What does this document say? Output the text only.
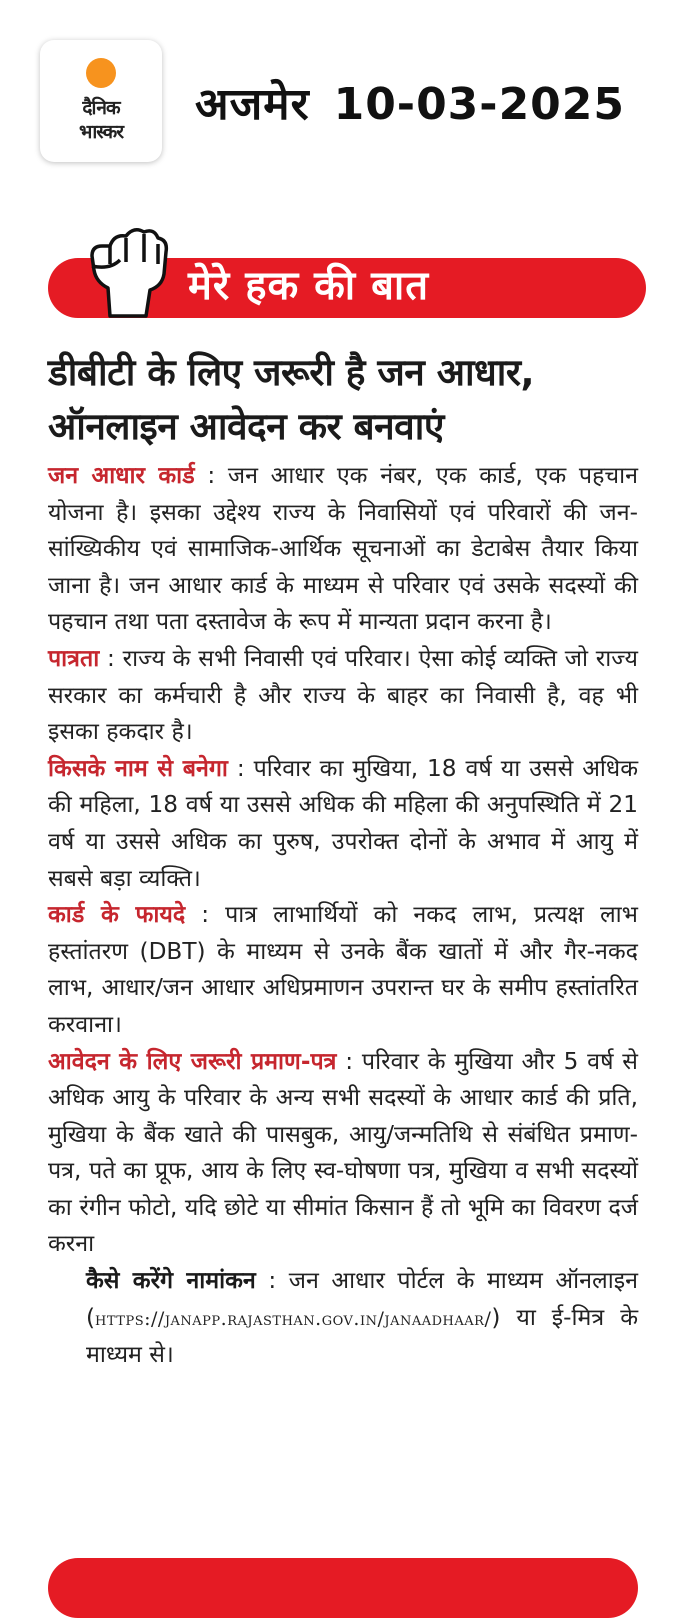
दैनिक
भास्कर
अजमेर 10-03-2025
मेरे हक की बात
डीबीटी के लिए जरूरी है जन आधार,
ऑनलाइन आवेदन कर बनवाएं

जन आधार कार्ड : जन आधार एक नंबर, एक कार्ड, एक पहचान योजना है। इसका उद्देश्य राज्य के निवासियों एवं परिवारों की जन-सांख्यिकीय एवं सामाजिक-आर्थिक सूचनाओं का डेटाबेस तैयार किया जाना है। जन आधार कार्ड के माध्यम से परिवार एवं उसके सदस्यों की पहचान तथा पता दस्तावेज के रूप में मान्यता प्रदान करना है।

पात्रता : राज्य के सभी निवासी एवं परिवार। ऐसा कोई व्यक्ति जो राज्य सरकार का कर्मचारी है और राज्य के बाहर का निवासी है, वह भी इसका हकदार है।

किसके नाम से बनेगा : परिवार का मुखिया, 18 वर्ष या उससे अधिक की महिला, 18 वर्ष या उससे अधिक की महिला की अनुपस्थिति में 21 वर्ष या उससे अधिक का पुरुष, उपरोक्त दोनों के अभाव में आयु में सबसे बड़ा व्यक्ति।

कार्ड के फायदे : पात्र लाभार्थियों को नकद लाभ, प्रत्यक्ष लाभ हस्तांतरण (DBT) के माध्यम से उनके बैंक खातों में और गैर-नकद लाभ, आधार/जन आधार अधिप्रमाणन उपरान्त घर के समीप हस्तांतरित करवाना।

आवेदन के लिए जरूरी प्रमाण-पत्र : परिवार के मुखिया और 5 वर्ष से अधिक आयु के परिवार के अन्य सभी सदस्यों के आधार कार्ड की प्रति, मुखिया के बैंक खाते की पासबुक, आयु/जन्मतिथि से संबंधित प्रमाण-पत्र, पते का प्रूफ, आय के लिए स्व-घोषणा पत्र, मुखिया व सभी सदस्यों का रंगीन फोटो, यदि छोटे या सीमांत किसान हैं तो भूमि का विवरण दर्ज करना

कैसे करेंगे नामांकन : जन आधार पोर्टल के माध्यम ऑनलाइन (https://janapp.rajasthan.gov.in/janaadhaar/) या ई-मित्र के माध्यम से।
